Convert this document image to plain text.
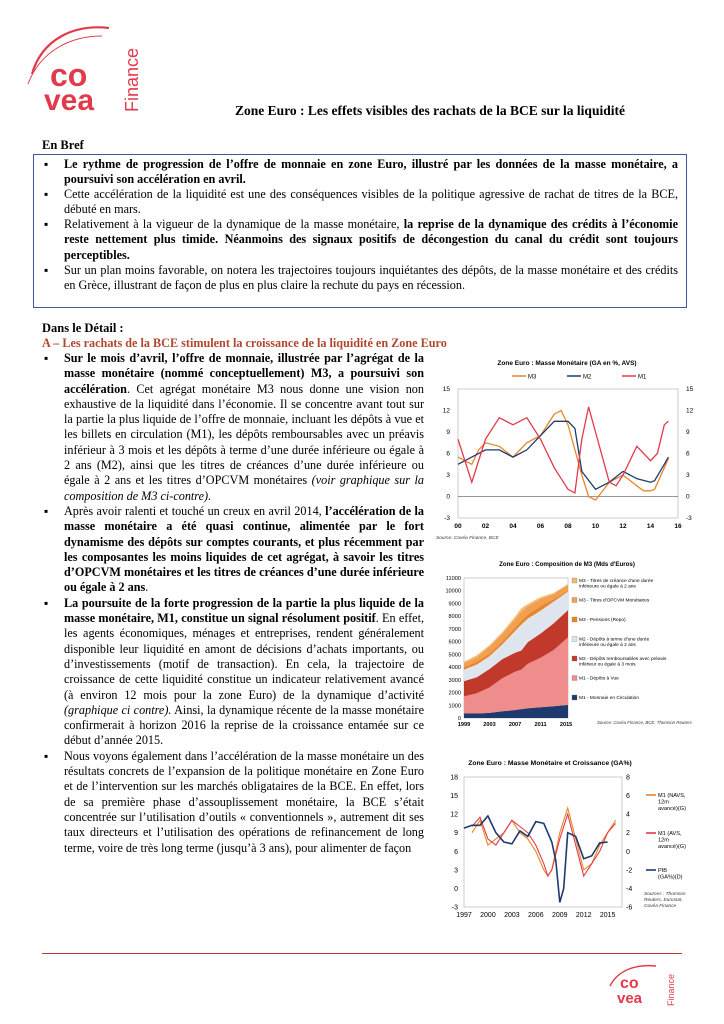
co
vea Finance	Zone Euro : Les effets visibles des rachats de la BCE sur la liquidité
En Bref
▪ Le rythme de progression de l’offre de monnaie en zone Euro, illustré par les données de la masse monétaire, a poursuivi son accélération en avril.
▪ Cette accélération de la liquidité est une des conséquences visibles de la politique agressive de rachat de titres de la BCE, débuté en mars.
▪ Relativement à la vigueur de la dynamique de la masse monétaire, la reprise de la dynamique des crédits à l’économie reste nettement plus timide. Néanmoins des signaux positifs de décongestion du canal du crédit sont toujours perceptibles.
▪ Sur un plan moins favorable, on notera les trajectoires toujours inquiétantes des dépôts, de la masse monétaire et des crédits en Grèce, illustrant de façon de plus en plus claire la rechute du pays en récession.
Dans le Détail :
A – Les rachats de la BCE stimulent la croissance de la liquidité en Zone Euro
▪ Sur le mois d’avril, l’offre de monnaie, illustrée par l’agrégat de la masse monétaire (nommé conceptuellement) M3, a poursuivi son accélération. Cet agrégat monétaire M3 nous donne une vision non exhaustive de la liquidité dans l’économie. Il se concentre avant tout sur la partie la plus liquide de l’offre de monnaie, incluant les dépôts à vue et les billets en circulation (M1), les dépôts remboursables avec un préavis inférieur à 3 mois et les dépôts à terme d’une durée inférieure ou égale à 2 ans (M2), ainsi que les titres de créances d’une durée inférieure ou égale à 2 ans et les titres d’OPCVM monétaires (voir graphique sur la composition de M3 ci-contre).
▪ Après avoir ralenti et touché un creux en avril 2014, l’accélération de la masse monétaire a été quasi continue, alimentée par le fort dynamisme des dépôts sur comptes courants, et plus récemment par les composantes les moins liquides de cet agrégat, à savoir les titres d’OPCVM monétaires et les titres de créances d’une durée inférieure ou égale à 2 ans.
▪ La poursuite de la forte progression de la partie la plus liquide de la masse monétaire, M1, constitue un signal résolument positif. En effet, les agents économiques, ménages et entreprises, rendent généralement disponible leur liquidité en amont de décisions d’achats importants, ou d’investissements (motif de transaction). En cela, la trajectoire de croissance de cette liquidité constitue un indicateur relativement avancé (à environ 12 mois pour la zone Euro) de la dynamique d’activité (graphique ci contre). Ainsi, la dynamique récente de la masse monétaire confirmerait à horizon 2016 la reprise de la croissance entamée sur ce début d’année 2015.
▪ Nous voyons également dans l’accélération de la masse monétaire un des résultats concrets de l’expansion de la politique monétaire en Zone Euro et de l’intervention sur les marchés obligataires de la BCE. En effet, lors de sa première phase d’assouplissement monétaire, la BCE s’était concentrée sur l’utilisation d’outils « conventionnels », autrement dit ses taux directeurs et l’utilisation des opérations de refinancement de long terme, voire de très long terme (jusqu’à 3 ans), pour alimenter de façon
Zone Euro : Masse Monétaire (GA en %, AVS)
M3	M2	M1
15	15
12	12
9	9
6	6
3	3
0	0
-3	-3
00	02	04	06	08	10	12	14	16
Source: Covéa Finance, BCE
Zone Euro : Composition de M3 (Mds d'Euros)
11000
10000
9000
8000
7000
6000
5000
4000
3000
2000
1000
0
1999 2003 2007 2011 2015
M3 - Titres de créance d'une durée inférieure ou égale à 2 ans
M3 - Titres d'OPCVM Monétaires
M3 - Pensions (Repo)
M2 - Dépôts à terme d'une durée inférieure ou égale à 2 ans
M2 - Dépôts remboursables avec préavis inférieur ou égale à 3 mois
M1 - Dépôts à Vue
M1 - Monnaie en Circulation
Source: Covéa Finance, BCE, Thomson Reuters
Zone Euro : Masse Monétaire et Croissance (GA%)
18
15
12
9
6
3
0
-3
8
6
4
2
0
-2
-4
-6
1997 2000 2003 2006 2009 2012 2015
M1 (NAVS, 12m avancé)(G)
M1 (AVS, 12m avancé)(G)
PIB (GA%)(D)
Sources : Thomson Reuters, Eurostat, Covéa Finance
co
vea	Finance
